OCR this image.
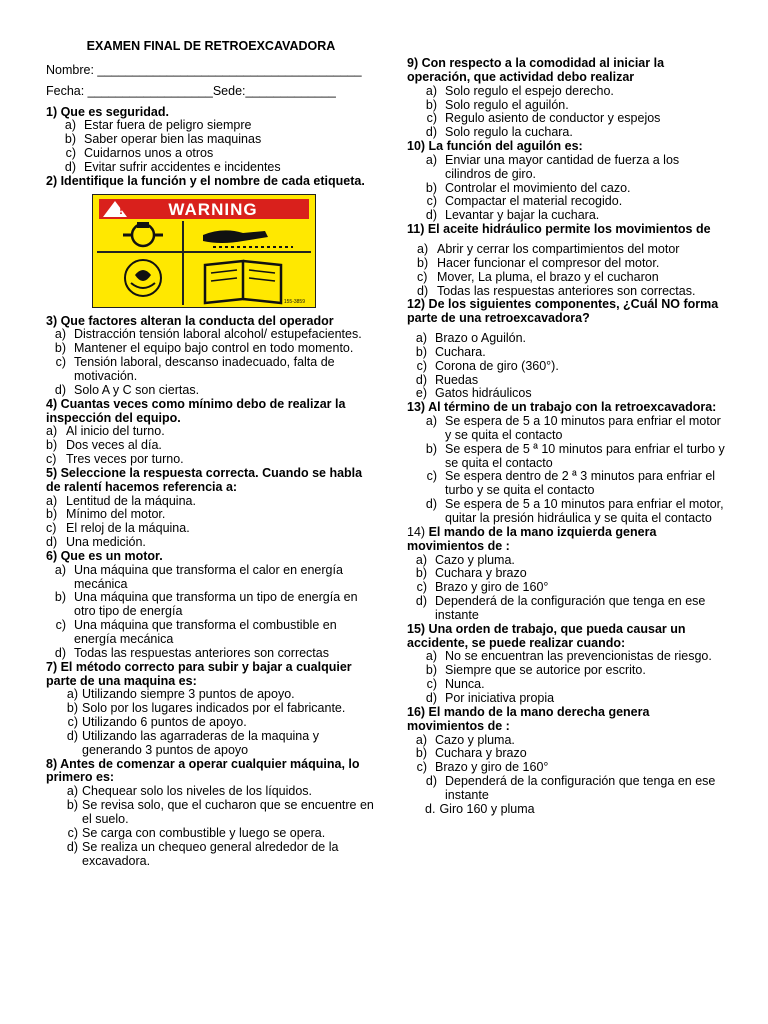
EXAMEN FINAL DE RETROEXCAVADORA
Nombre: ______________________________________
Fecha: __________________Sede:_____________
1) Que es seguridad.
a) Estar fuera de peligro siempre
b) Saber operar bien las maquinas
c) Cuidarnos unos a otros
d) Evitar sufrir accidentes e incidentes
2) Identifique la función y el nombre de cada etiqueta.
!	WARNING
155-3859
3) Que factores alteran la conducta del operador
a) Distracción tensión laboral alcohol/ estupefacientes.
b) Mantener el equipo bajo control en todo momento.
c) Tensión laboral, descanso inadecuado, falta de motivación.
d) Solo A y C son ciertas.
4) Cuantas veces como mínimo debo de realizar la inspección del equipo.
a) Al inicio del turno.
b) Dos veces al día.
c) Tres veces por turno.
5) Seleccione la respuesta correcta. Cuando se habla de ralentí hacemos referencia a:
a) Lentitud de la máquina.
b) Mínimo del motor.
c) El reloj de la máquina.
d) Una medición.
6) Que es un motor.
a) Una máquina que transforma el calor en energía mecánica
b) Una máquina que transforma un tipo de energía en otro tipo de energía
c) Una máquina que transforma el combustible en energía mecánica
d) Todas las respuestas anteriores son correctas
7) El método correcto para subir y bajar a cualquier parte de una maquina es:
a) Utilizando siempre 3 puntos de apoyo.
b) Solo por los lugares indicados por el fabricante.
c) Utilizando 6 puntos de apoyo.
d) Utilizando las agarraderas de la maquina y generando 3 puntos de apoyo
8) Antes de comenzar a operar cualquier máquina, lo primero es:
a) Chequear solo los niveles de los líquidos.
b) Se revisa solo, que el cucharon que se encuentre en el suelo.
c) Se carga con combustible y luego se opera.
d) Se realiza un chequeo general alrededor de la excavadora.
9) Con respecto a la comodidad al iniciar la operación, que actividad debo realizar
a) Solo regulo el espejo derecho.
b) Solo regulo el aguilón.
c) Regulo asiento de conductor y espejos
d) Solo regulo la cuchara.
10) La función del aguilón es:
a) Enviar una mayor cantidad de fuerza a los cilindros de giro.
b) Controlar el movimiento del cazo.
c) Compactar el material recogido.
d) Levantar y bajar la cuchara.
11) El aceite hidráulico permite los movimientos de
a) Abrir y cerrar los compartimientos del motor
b) Hacer funcionar el compresor del motor.
c) Mover, La pluma, el brazo y el cucharon
d) Todas las respuestas anteriores son correctas.
12) De los siguientes componentes, ¿Cuál NO forma parte de una retroexcavadora?
a) Brazo o Aguilón.
b) Cuchara.
c) Corona de giro (360°).
d) Ruedas
e) Gatos hidráulicos
13) Al término de un trabajo con la retroexcavadora:
a) Se espera de 5 a 10 minutos para enfriar el motor y se quita el contacto
b) Se espera de 5 ª 10 minutos para enfriar el turbo y se quita el contacto
c) Se espera dentro de 2 ª 3 minutos para enfriar el turbo y se quita el contacto
d) Se espera de 5 a 10 minutos para enfriar el motor, quitar la presión hidráulica y se quita el contacto
14) El mando de la mano izquierda genera movimientos de :
a) Cazo y pluma.
b) Cuchara y brazo
c) Brazo y giro de 160°
d) Dependerá de la configuración que tenga en ese instante
15) Una orden de trabajo, que pueda causar un accidente, se puede realizar cuando:
a) No se encuentran las prevencionistas de riesgo.
b) Siempre que se autorice por escrito.
c) Nunca.
d) Por iniciativa propia
16) El mando de la mano derecha genera movimientos de :
a) Cazo y pluma.
b) Cuchara y brazo
c) Brazo y giro de 160°
d) Dependerá de la configuración que tenga en ese instante
d. Giro 160 y pluma
